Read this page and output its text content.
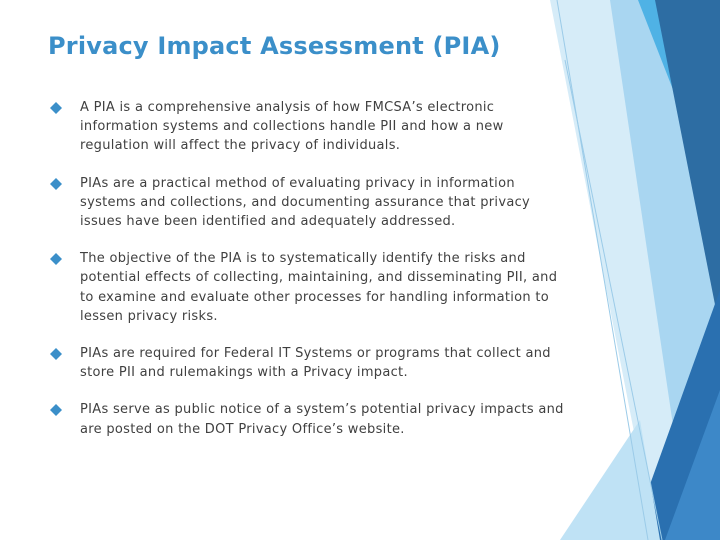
Privacy Impact Assessment (PIA)
A PIA is a comprehensive analysis of how FMCSA’s electronic information systems and collections handle PII and how a new regulation will affect the privacy of individuals.
PIAs are a practical method of evaluating privacy in information systems and collections, and documenting assurance that privacy issues have been identified and adequately addressed.
The objective of the PIA is to systematically identify the risks and potential effects of collecting, maintaining, and disseminating PII, and to examine and evaluate other processes for handling information to lessen privacy risks.
PIAs are required for Federal IT Systems or programs that collect and store PII and rulemakings with a Privacy impact.
PIAs serve as public notice of a system’s potential privacy impacts and are posted on the DOT Privacy Office’s website.
